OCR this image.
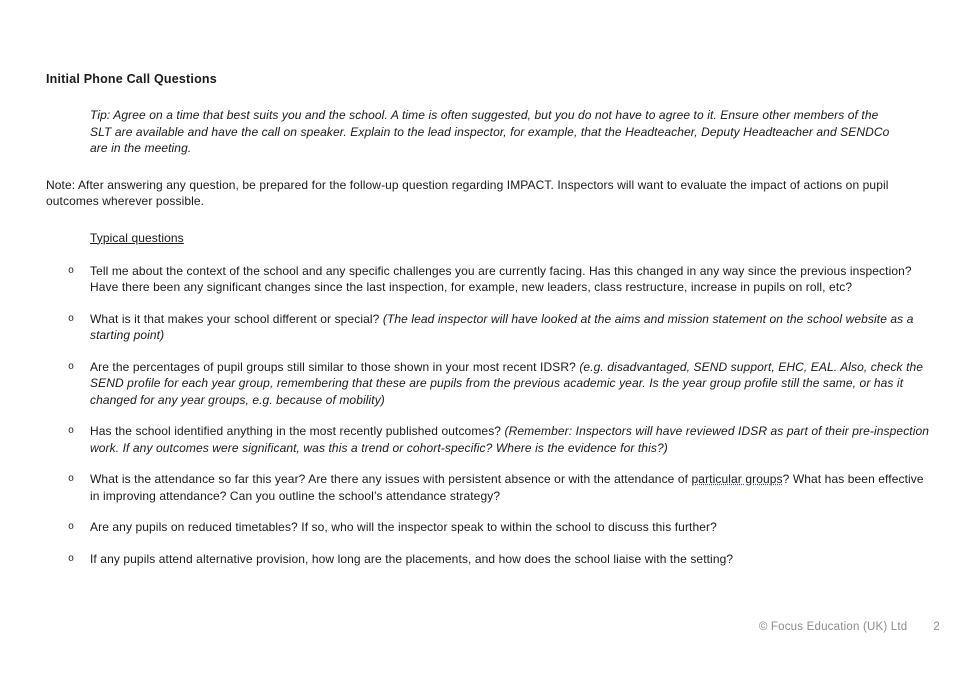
Initial Phone Call Questions

Tip: Agree on a time that best suits you and the school. A time is often suggested, but you do not have to agree to it. Ensure other members of the SLT are available and have the call on speaker. Explain to the lead inspector, for example, that the Headteacher, Deputy Headteacher and SENDCo are in the meeting.

Note: After answering any question, be prepared for the follow-up question regarding IMPACT. Inspectors will want to evaluate the impact of actions on pupil outcomes wherever possible.

Typical questions
o Tell me about the context of the school and any specific challenges you are currently facing. Has this changed in any way since the previous inspection? Have there been any significant changes since the last inspection, for example, new leaders, class restructure, increase in pupils on roll, etc?
o What is it that makes your school different or special? (The lead inspector will have looked at the aims and mission statement on the school website as a starting point)
o Are the percentages of pupil groups still similar to those shown in your most recent IDSR? (e.g. disadvantaged, SEND support, EHC, EAL. Also, check the SEND profile for each year group, remembering that these are pupils from the previous academic year. Is the year group profile still the same, or has it changed for any year groups, e.g. because of mobility)
o Has the school identified anything in the most recently published outcomes? (Remember: Inspectors will have reviewed IDSR as part of their pre-inspection work. If any outcomes were significant, was this a trend or cohort-specific? Where is the evidence for this?)
o What is the attendance so far this year? Are there any issues with persistent absence or with the attendance of particular groups? What has been effective in improving attendance? Can you outline the school’s attendance strategy?
o Are any pupils on reduced timetables? If so, who will the inspector speak to within the school to discuss this further?
o If any pupils attend alternative provision, how long are the placements, and how does the school liaise with the setting?
© Focus Education (UK) Ltd 2
